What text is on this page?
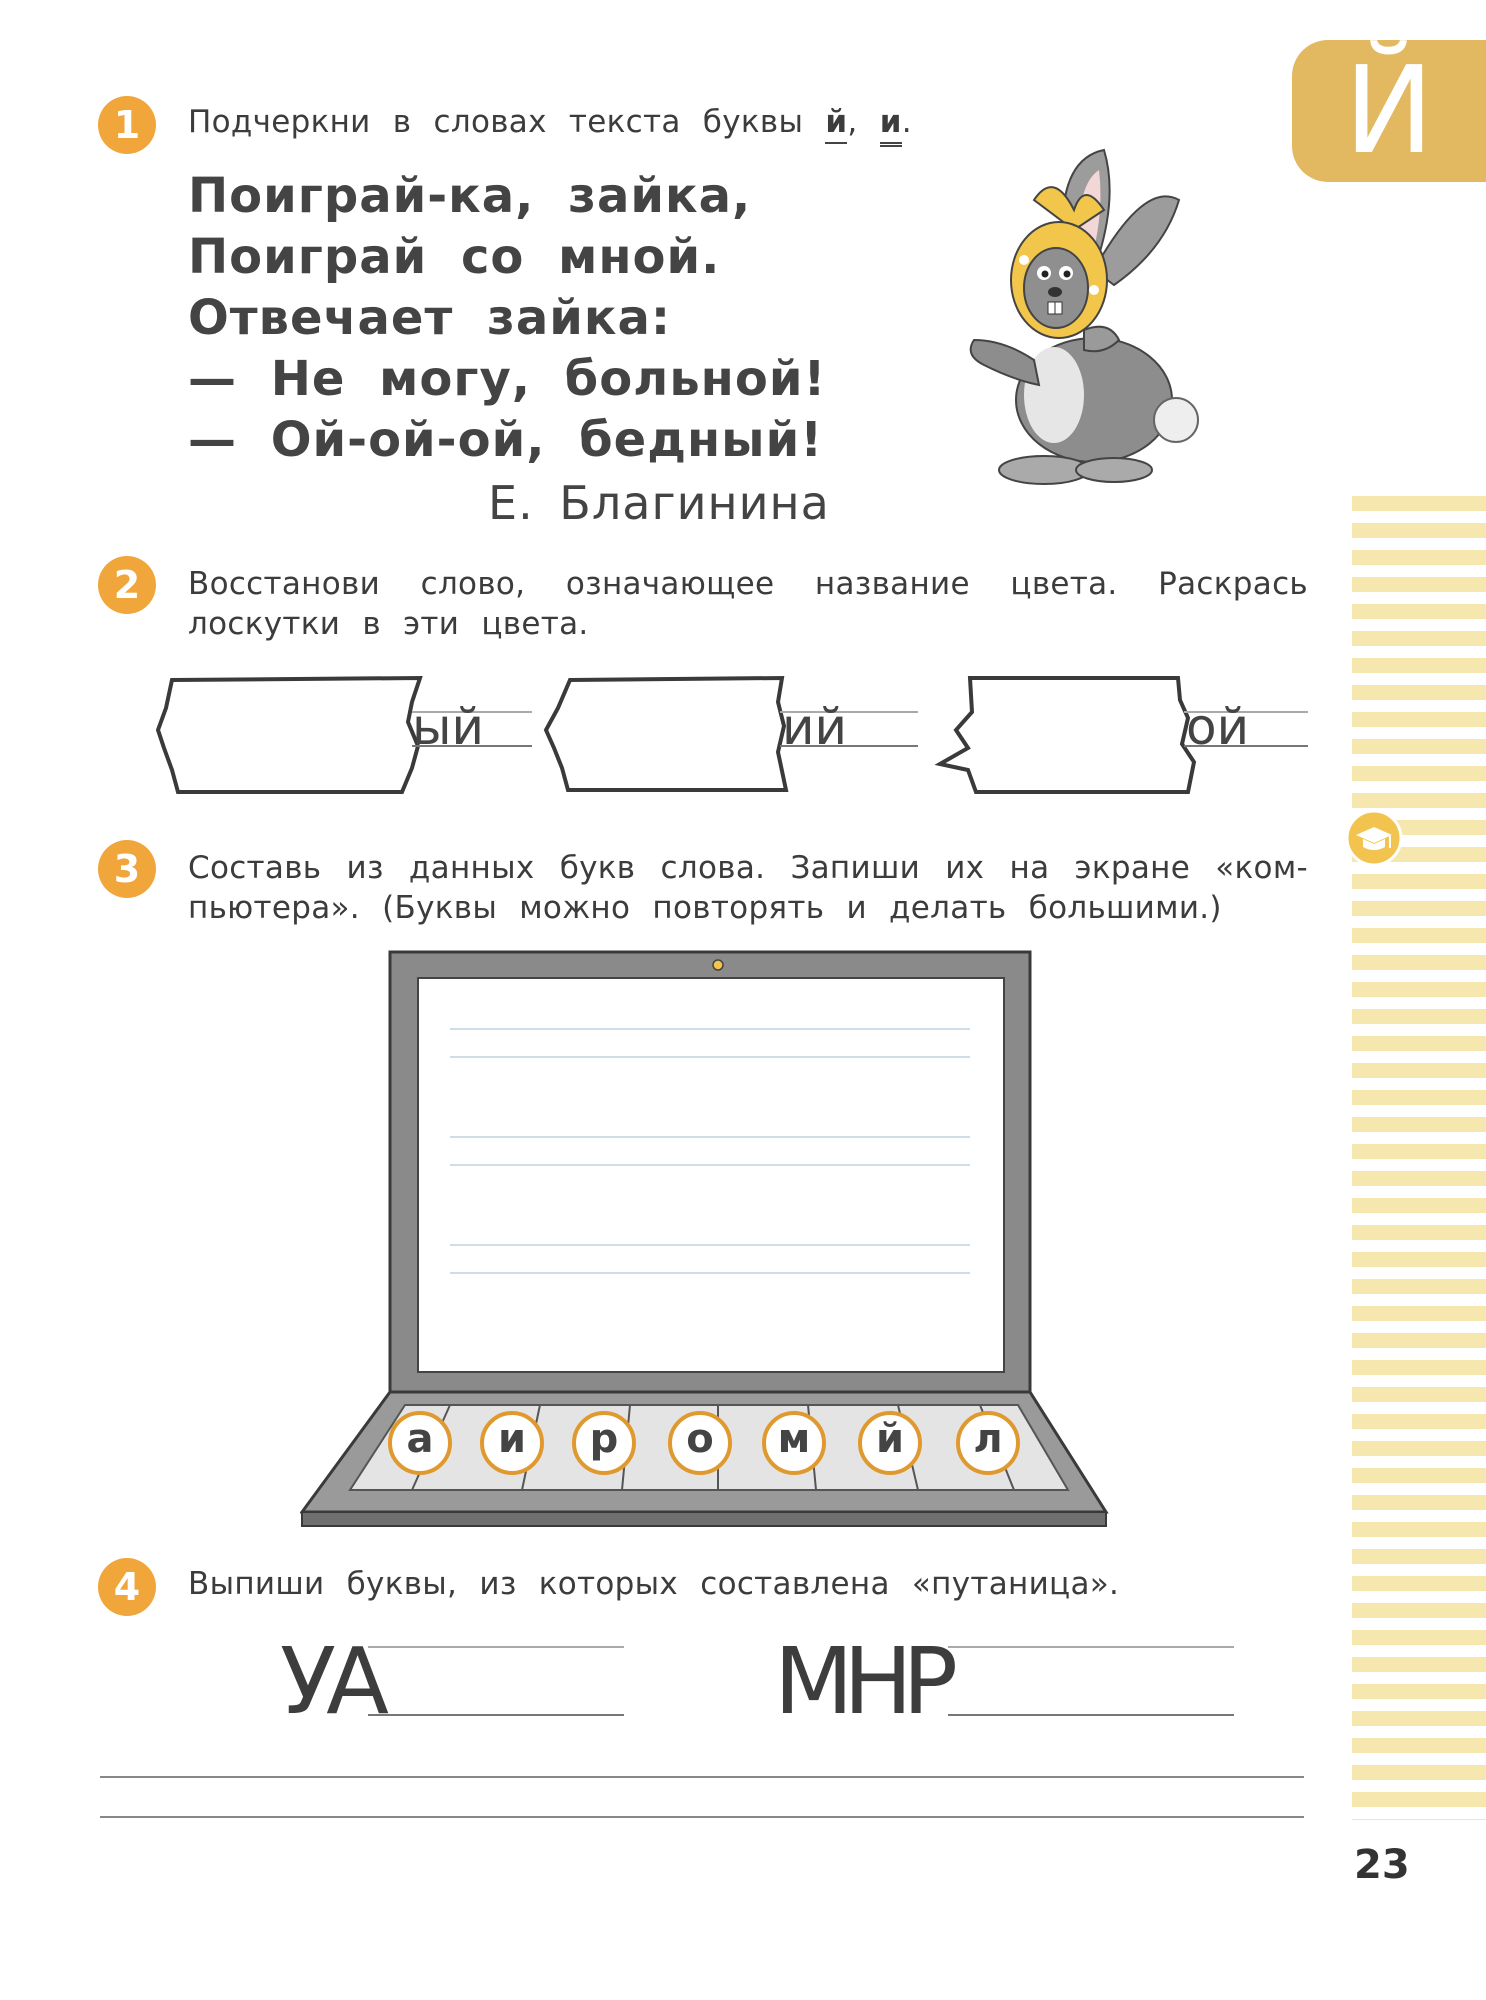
Й
1 Подчеркни в словах текста буквы й, и.
Поиграй-ка, зайка,
Поиграй со мной.
Отвечает зайка:
— Не могу, больной!
— Ой-ой-ой, бедный!
Е. Благинина
2 Восстанови слово, означающее название цвета. Раскрась
лоскутки в эти цвета.
ый	ий	ой
3 Составь из данных букв слова. Запиши их на экране «ком-
пьютера». (Буквы можно повторять и делать большими.)
а	и	р	о	м	й	л
4 Выпиши буквы, из которых составлена «путаница».
УА	МНР
23
